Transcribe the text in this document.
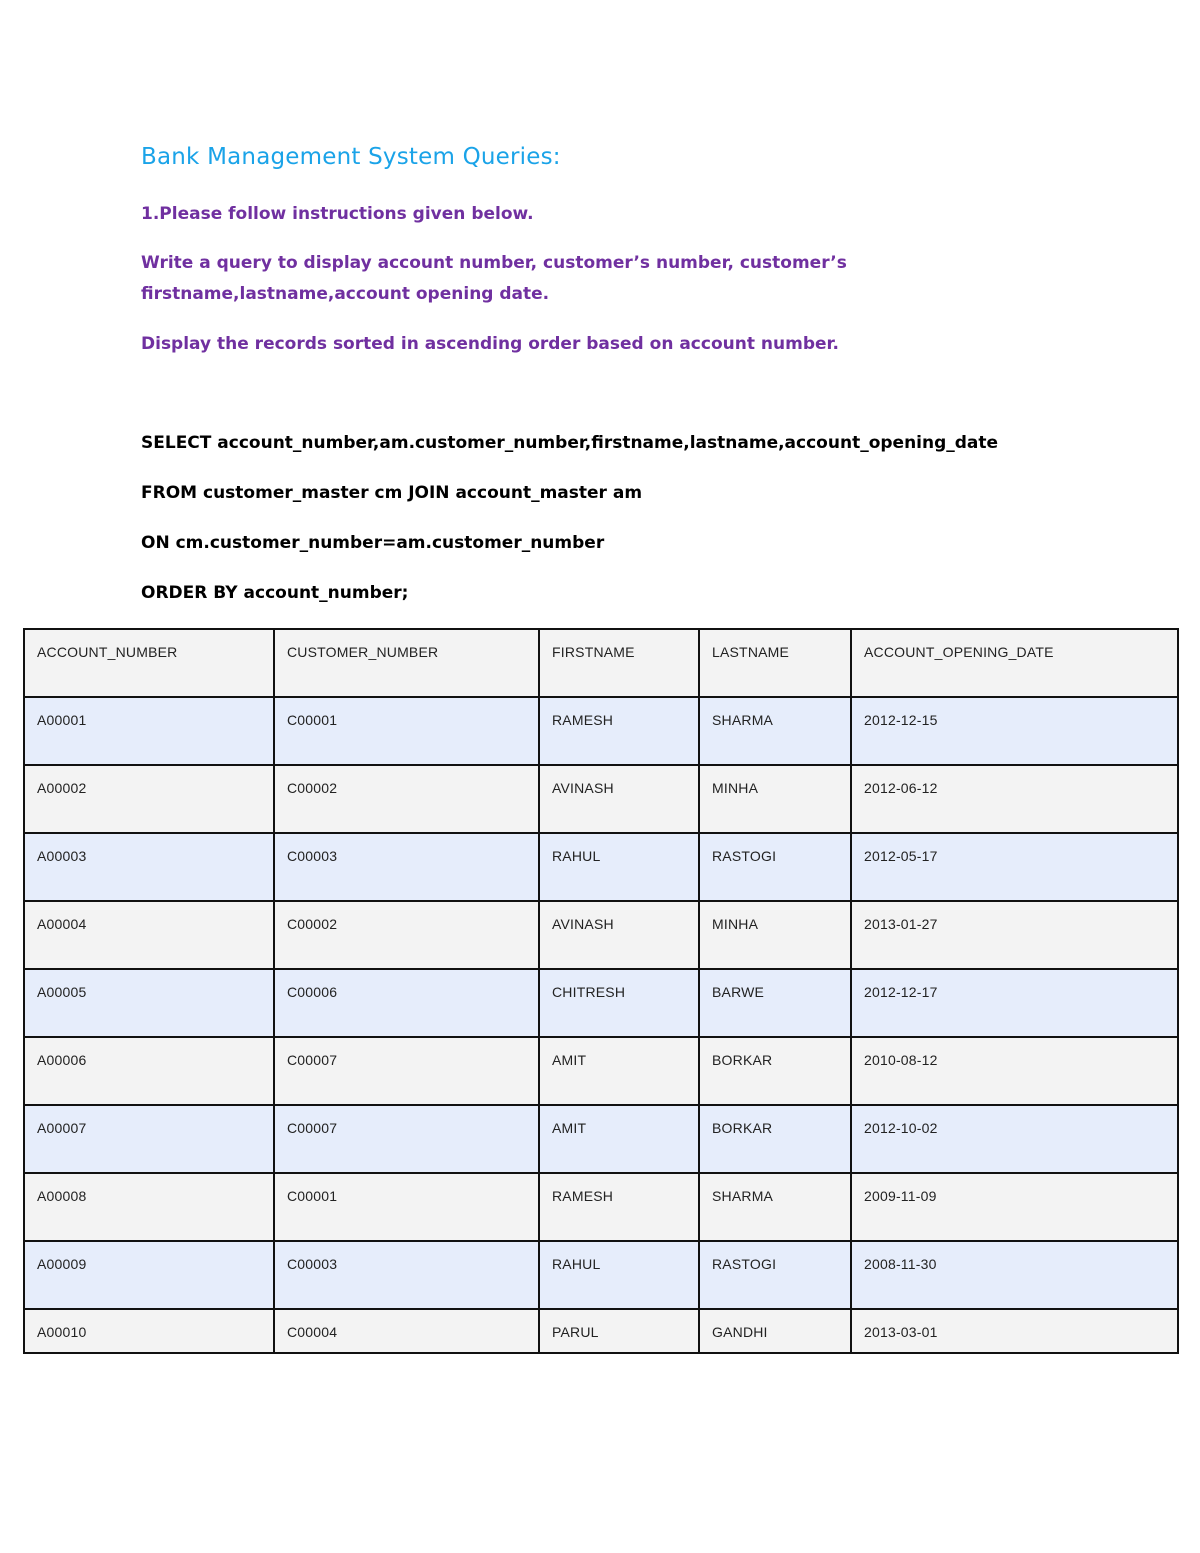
Bank Management System Queries:
1.Please follow instructions given below.
Write a query to display account number, customer’s number, customer’s firstname,lastname,account opening date.
Display the records sorted in ascending order based on account number.
SELECT account_number,am.customer_number,firstname,lastname,account_opening_date
FROM customer_master cm JOIN account_master am
ON cm.customer_number=am.customer_number
ORDER BY account_number;
ACCOUNT_NUMBER	CUSTOMER_NUMBER	FIRSTNAME	LASTNAME	ACCOUNT_OPENING_DATE
A00001	C00001	RAMESH	SHARMA	2012-12-15
A00002	C00002	AVINASH	MINHA	2012-06-12
A00003	C00003	RAHUL	RASTOGI	2012-05-17
A00004	C00002	AVINASH	MINHA	2013-01-27
A00005	C00006	CHITRESH	BARWE	2012-12-17
A00006	C00007	AMIT	BORKAR	2010-08-12
A00007	C00007	AMIT	BORKAR	2012-10-02
A00008	C00001	RAMESH	SHARMA	2009-11-09
A00009	C00003	RAHUL	RASTOGI	2008-11-30
A00010	C00004	PARUL	GANDHI	2013-03-01
